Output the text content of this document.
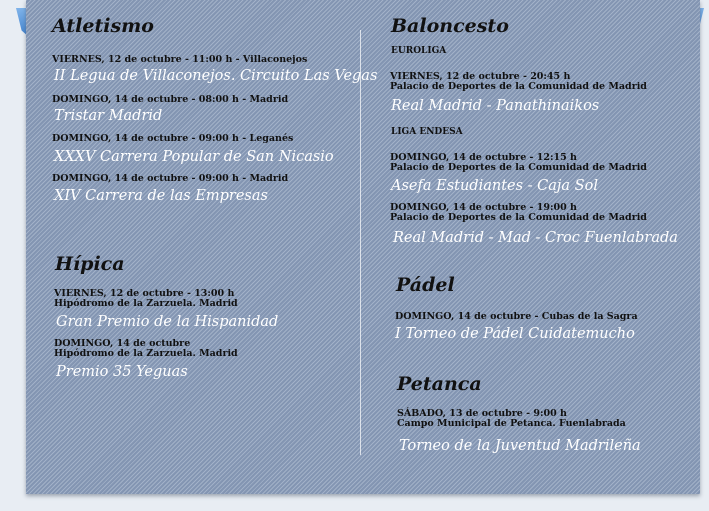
Atletismo
VIERNES, 12 de octubre - 11:00 h - Villaconejos
II Legua de Villaconejos. Circuito Las Vegas
DOMINGO, 14 de octubre - 08:00 h - Madrid
Tristar Madrid
DOMINGO, 14 de octubre - 09:00 h - Leganés
XXXV Carrera Popular de San Nicasio
DOMINGO, 14 de octubre - 09:00 h - Madrid
XIV Carrera de las Empresas
Hípica
VIERNES, 12 de octubre - 13:00 h
Hipódromo de la Zarzuela. Madrid
Gran Premio de la Hispanidad
DOMINGO, 14 de octubre
Hipódromo de la Zarzuela. Madrid
Premio 35 Yeguas
Baloncesto
EUROLIGA
VIERNES, 12 de octubre - 20:45 h
Palacio de Deportes de la Comunidad de Madrid
Real Madrid - Panathinaikos
LIGA ENDESA
DOMINGO, 14 de octubre - 12:15 h
Palacio de Deportes de la Comunidad de Madrid
Asefa Estudiantes - Caja Sol
DOMINGO, 14 de octubre - 19:00 h
Palacio de Deportes de la Comunidad de Madrid
Real Madrid - Mad - Croc Fuenlabrada
Pádel
DOMINGO, 14 de octubre - Cubas de la Sagra
I Torneo de Pádel Cuidatemucho
Petanca
SÁBADO, 13 de octubre - 9:00 h
Campo Municipal de Petanca. Fuenlabrada
Torneo de la Juventud Madrileña
